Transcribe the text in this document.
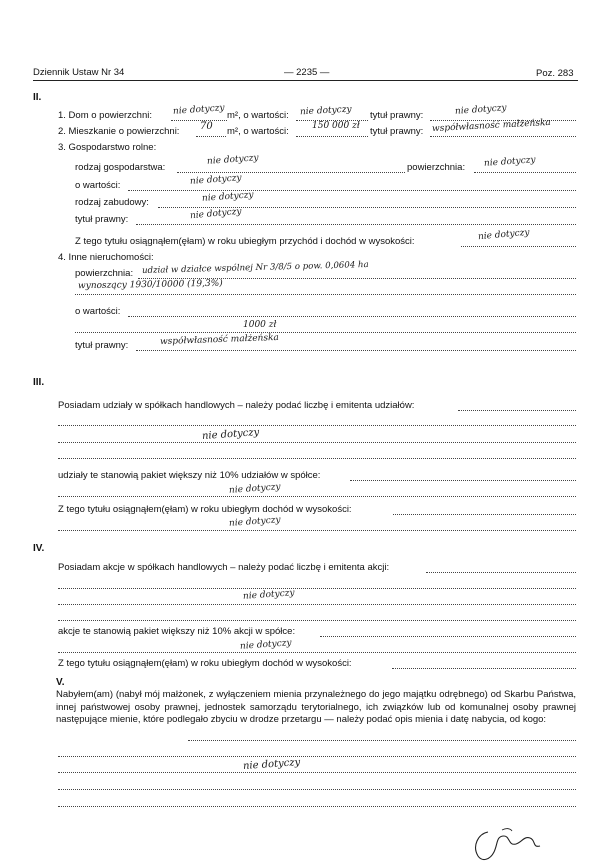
Dziennik Ustaw Nr 34	— 2235 —	Poz. 283
II.
1. Dom o powierzchni: nie dotyczy m², o wartości: nie dotyczy tytuł prawny:	nie dotyczy
2. Mieszkanie o powierzchni: 70 m², o wartości:	150 000 zł tytuł prawny: współwłasność małżeńska
3. Gospodarstwo rolne:
rodzaj gospodarstwa:
nie dotyczy
powierzchnia: nie dotyczy
o wartości:	nie dotyczy
rodzaj zabudowy:	nie dotyczy
tytuł prawny:	nie dotyczy
Z tego tytułu osiągnąłem(ęłam) w roku ubiegłym przychód i dochód w wysokości:	nie dotyczy
4. Inne nieruchomości:
powierzchnia: udział w działce wspólnej Nr 3/8/5 o pow. 0,0604 ha
wynoszący 1930/10000 (19,3%)
o wartości:
1000 zł
tytuł prawny:	współwłasność małżeńska
III.
Posiadam udziały w spółkach handlowych – należy podać liczbę i emitenta udziałów:
nie dotyczy
udziały te stanowią pakiet większy niż 10% udziałów w spółce:
nie dotyczy
Z tego tytułu osiągnąłem(ęłam) w roku ubiegłym dochód w wysokości:
nie dotyczy
IV.
Posiadam akcje w spółkach handlowych – należy podać liczbę i emitenta akcji:
nie dotyczy
akcje te stanowią pakiet większy niż 10% akcji w spółce:
nie dotyczy
Z tego tytułu osiągnąłem(ęłam) w roku ubiegłym dochód w wysokości:
V.
Nabyłem(am) (nabył mój małżonek, z wyłączeniem mienia przynależnego do jego majątku odrębnego) od Skarbu Państwa, innej państwowej osoby prawnej, jednostek samorządu terytorialnego, ich związków lub od komunalnej osoby prawnej następujące mienie, które podlegało zbyciu w drodze przetargu — należy podać opis mienia i datę nabycia, od kogo:
nie dotyczy
